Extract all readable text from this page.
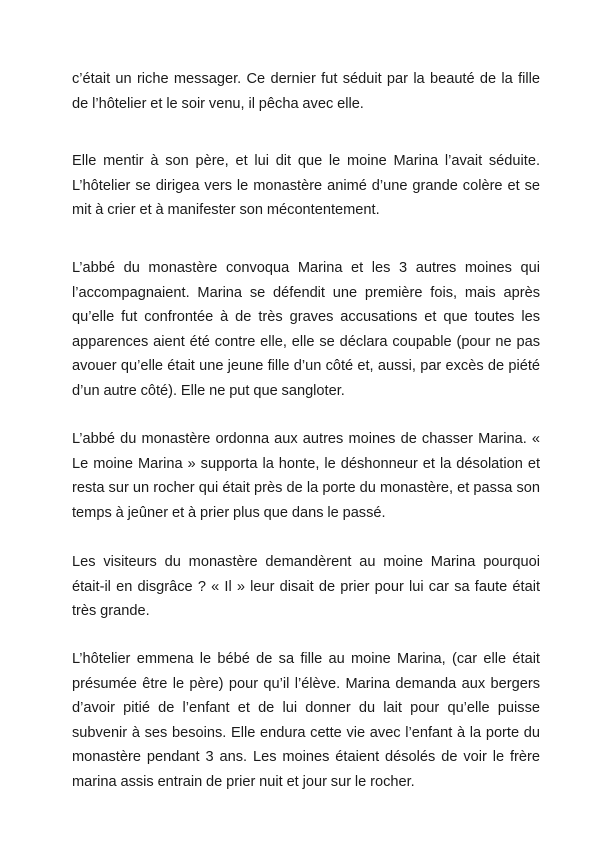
c’était un riche messager. Ce dernier fut séduit par la beauté de la fille de l’hôtelier et le soir venu, il pêcha avec elle.

Elle mentir à son père, et lui dit que le moine Marina l’avait séduite. L’hôtelier se dirigea vers le monastère animé d’une grande colère et se mit à crier et à manifester son mécontentement.

L’abbé du monastère convoqua Marina et les 3 autres moines qui l’accompagnaient. Marina se défendit une première fois, mais après qu’elle fut confrontée à de très graves accusations et que toutes les apparences aient été contre elle, elle se déclara coupable (pour ne pas avouer qu’elle était une jeune fille d’un côté et, aussi, par excès de piété d’un autre côté). Elle ne put que sangloter.

L’abbé du monastère ordonna aux autres moines de chasser Marina. « Le moine Marina » supporta la honte, le déshonneur et la désolation et resta sur un rocher qui était près de la porte du monastère, et passa son temps à jeûner et à prier plus que dans le passé.

Les visiteurs du monastère demandèrent au moine Marina pourquoi était-il en disgrâce ? « Il » leur disait de prier pour lui car sa faute était très grande.

L’hôtelier emmena le bébé de sa fille au moine Marina, (car elle était présumée être le père) pour qu’il l’élève. Marina demanda aux bergers d’avoir pitié de l’enfant et de lui donner du lait pour qu’elle puisse subvenir à ses besoins. Elle endura cette vie avec l’enfant à la porte du monastère pendant 3 ans. Les moines étaient désolés de voir le frère marina assis entrain de prier nuit et jour sur le rocher.
